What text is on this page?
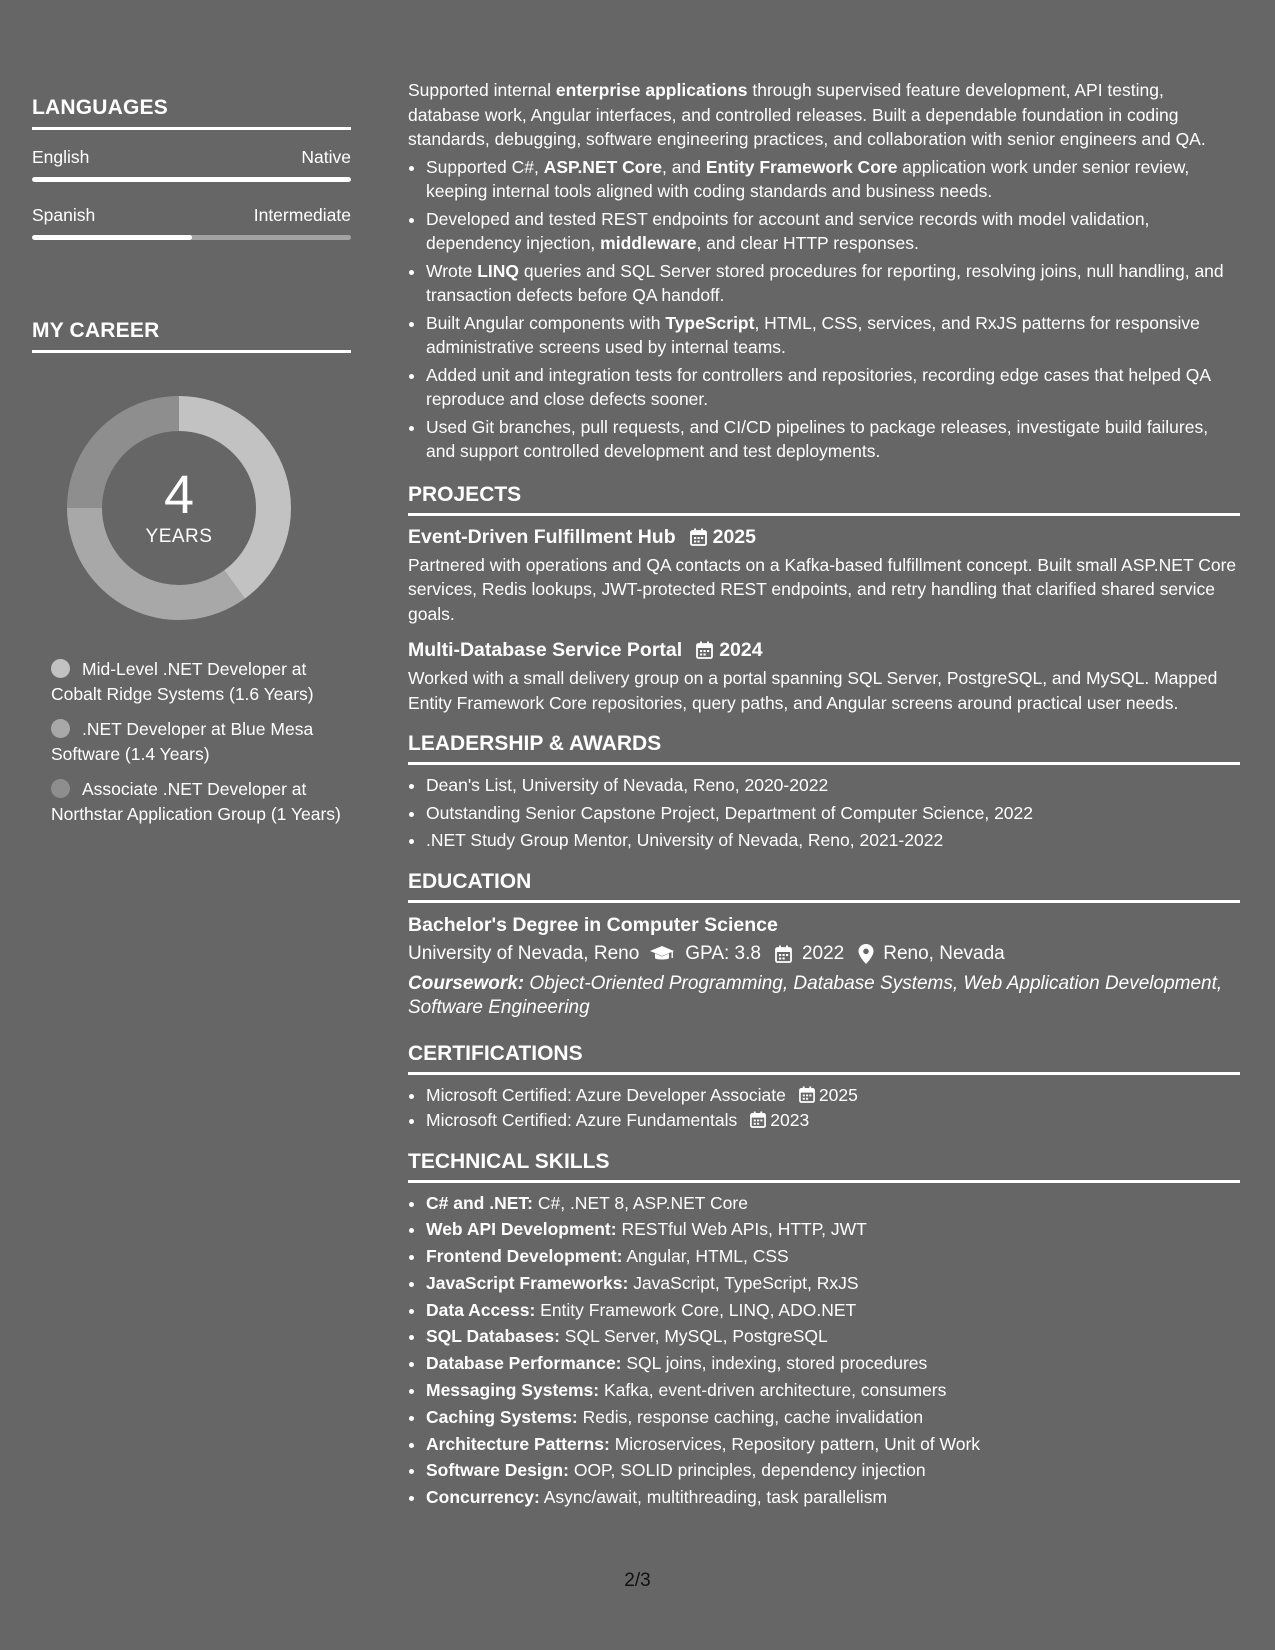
LANGUAGES
English	Native
Spanish	Intermediate
MY CAREER
4
YEARS
Mid-Level .NET Developer at Cobalt Ridge Systems (1.6 Years)
.NET Developer at Blue Mesa Software (1.4 Years)
Associate .NET Developer at Northstar Application Group (1 Years)

Supported internal enterprise applications through supervised feature development, API testing, database work, Angular interfaces, and controlled releases. Built a dependable foundation in coding standards, debugging, software engineering practices, and collaboration with senior engineers and QA.

• Supported C#, ASP.NET Core, and Entity Framework Core application work under senior review, keeping internal tools aligned with coding standards and business needs.
• Developed and tested REST endpoints for account and service records with model validation, dependency injection, middleware, and clear HTTP responses.
• Wrote LINQ queries and SQL Server stored procedures for reporting, resolving joins, null handling, and transaction defects before QA handoff.
• Built Angular components with TypeScript, HTML, CSS, services, and RxJS patterns for responsive administrative screens used by internal teams.
• Added unit and integration tests for controllers and repositories, recording edge cases that helped QA reproduce and close defects sooner.
• Used Git branches, pull requests, and CI/CD pipelines to package releases, investigate build failures, and support controlled development and test deployments.
PROJECTS
Event-Driven Fulfillment Hub 2025

Partnered with operations and QA contacts on a Kafka-based fulfillment concept. Built small ASP.NET Core services, Redis lookups, JWT-protected REST endpoints, and retry handling that clarified shared service goals.

Multi-Database Service Portal 2024

Worked with a small delivery group on a portal spanning SQL Server, PostgreSQL, and MySQL. Mapped Entity Framework Core repositories, query paths, and Angular screens around practical user needs.

LEADERSHIP & AWARDS
• Dean's List, University of Nevada, Reno, 2020-2022
• Outstanding Senior Capstone Project, Department of Computer Science, 2022
• .NET Study Group Mentor, University of Nevada, Reno, 2021-2022
EDUCATION
Bachelor's Degree in Computer Science
University of Nevada, Reno GPA: 3.8 2022 Reno, Nevada
Coursework: Object-Oriented Programming, Database Systems, Web Application Development, Software Engineering
CERTIFICATIONS
• Microsoft Certified: Azure Developer Associate 2025
• Microsoft Certified: Azure Fundamentals 2023
TECHNICAL SKILLS
• C# and .NET: C#, .NET 8, ASP.NET Core
• Web API Development: RESTful Web APIs, HTTP, JWT
• Frontend Development: Angular, HTML, CSS
• JavaScript Frameworks: JavaScript, TypeScript, RxJS
• Data Access: Entity Framework Core, LINQ, ADO.NET
• SQL Databases: SQL Server, MySQL, PostgreSQL
• Database Performance: SQL joins, indexing, stored procedures
• Messaging Systems: Kafka, event-driven architecture, consumers
• Caching Systems: Redis, response caching, cache invalidation
• Architecture Patterns: Microservices, Repository pattern, Unit of Work
• Software Design: OOP, SOLID principles, dependency injection
• Concurrency: Async/await, multithreading, task parallelism
2/3
